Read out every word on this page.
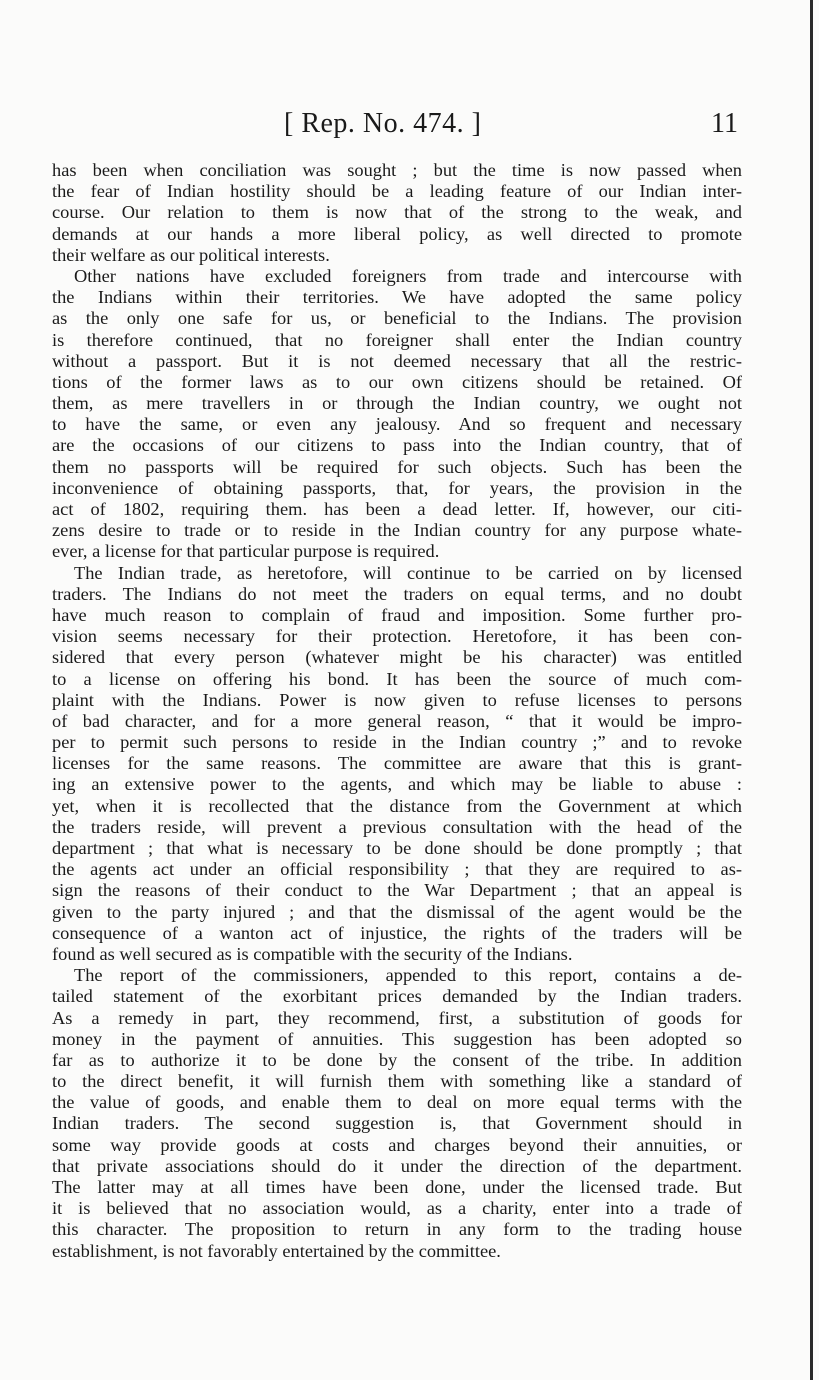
[ Rep. No. 474. ]	11
has been when conciliation was sought ; but the time is now passed when
the fear of Indian hostility should be a leading feature of our Indian inter-
course. Our relation to them is now that of the strong to the weak, and
demands at our hands a more liberal policy, as well directed to promote
their welfare as our political interests.
Other nations have excluded foreigners from trade and intercourse with
the Indians within their territories. We have adopted the same policy
as the only one safe for us, or beneficial to the Indians. The provision
is therefore continued, that no foreigner shall enter the Indian country
without a passport. But it is not deemed necessary that all the restric-
tions of the former laws as to our own citizens should be retained. Of
them, as mere travellers in or through the Indian country, we ought not
to have the same, or even any jealousy. And so frequent and necessary
are the occasions of our citizens to pass into the Indian country, that of
them no passports will be required for such objects. Such has been the
inconvenience of obtaining passports, that, for years, the provision in the
act of 1802, requiring them. has been a dead letter. If, however, our citi-
zens desire to trade or to reside in the Indian country for any purpose whate-
ever, a license for that particular purpose is required.
The Indian trade, as heretofore, will continue to be carried on by licensed
traders. The Indians do not meet the traders on equal terms, and no doubt
have much reason to complain of fraud and imposition. Some further pro-
vision seems necessary for their protection. Heretofore, it has been con-
sidered that every person (whatever might be his character) was entitled
to a license on offering his bond. It has been the source of much com-
plaint with the Indians. Power is now given to refuse licenses to persons
of bad character, and for a more general reason, “ that it would be impro-
per to permit such persons to reside in the Indian country ;” and to revoke
licenses for the same reasons. The committee are aware that this is grant-
ing an extensive power to the agents, and which may be liable to abuse :
yet, when it is recollected that the distance from the Government at which
the traders reside, will prevent a previous consultation with the head of the
department ; that what is necessary to be done should be done promptly ; that
the agents act under an official responsibility ; that they are required to as-
sign the reasons of their conduct to the War Department ; that an appeal is
given to the party injured ; and that the dismissal of the agent would be the
consequence of a wanton act of injustice, the rights of the traders will be
found as well secured as is compatible with the security of the Indians.
The report of the commissioners, appended to this report, contains a de-
tailed statement of the exorbitant prices demanded by the Indian traders.
As a remedy in part, they recommend, first, a substitution of goods for
money in the payment of annuities. This suggestion has been adopted so
far as to authorize it to be done by the consent of the tribe. In addition
to the direct benefit, it will furnish them with something like a standard of
the value of goods, and enable them to deal on more equal terms with the
Indian traders. The second suggestion is, that Government should in
some way provide goods at costs and charges beyond their annuities, or
that private associations should do it under the direction of the department.
The latter may at all times have been done, under the licensed trade. But
it is believed that no association would, as a charity, enter into a trade of
this character. The proposition to return in any form to the trading house
establishment, is not favorably entertained by the committee.
